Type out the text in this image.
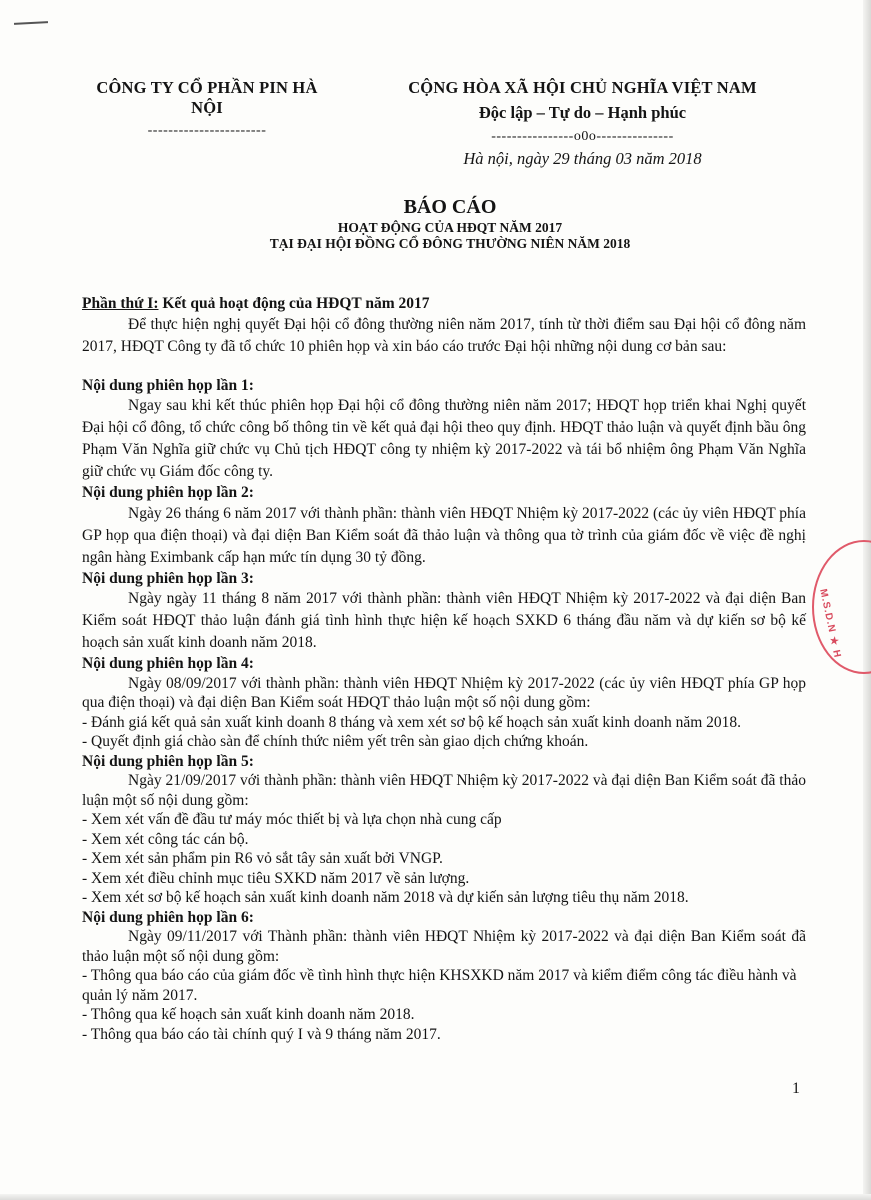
CÔNG TY CỔ PHẦN PIN HÀ NỘI
-----------------------
CỘNG HÒA XÃ HỘI CHỦ NGHĨA VIỆT NAM
Độc lập – Tự do – Hạnh phúc
----------------o0o---------------
Hà nội, ngày 29 tháng 03 năm 2018
BÁO CÁO
HOẠT ĐỘNG CỦA HĐQT NĂM 2017
TẠI ĐẠI HỘI ĐỒNG CỔ ĐÔNG THƯỜNG NIÊN NĂM 2018

Phần thứ I: Kết quả hoạt động của HĐQT năm 2017

Để thực hiện nghị quyết Đại hội cổ đông thường niên năm 2017, tính từ thời điểm sau Đại hội cổ đông năm 2017, HĐQT Công ty đã tổ chức 10 phiên họp và xin báo cáo trước Đại hội những nội dung cơ bản sau:

Nội dung phiên họp lần 1:

Ngay sau khi kết thúc phiên họp Đại hội cổ đông thường niên năm 2017; HĐQT họp triển khai Nghị quyết Đại hội cổ đông, tổ chức công bố thông tin về kết quả đại hội theo quy định. HĐQT thảo luận và quyết định bầu ông Phạm Văn Nghĩa giữ chức vụ Chủ tịch HĐQT công ty nhiệm kỳ 2017-2022 và tái bổ nhiệm ông Phạm Văn Nghĩa giữ chức vụ Giám đốc công ty.

Nội dung phiên họp lần 2:

Ngày 26 tháng 6 năm 2017 với thành phần: thành viên HĐQT Nhiệm kỳ 2017-2022 (các ủy viên HĐQT phía GP họp qua điện thoại) và đại diện Ban Kiểm soát đã thảo luận và thông qua tờ trình của giám đốc về việc đề nghị ngân hàng Eximbank cấp hạn mức tín dụng 30 tỷ đồng.

Nội dung phiên họp lần 3:

Ngày ngày 11 tháng 8 năm 2017 với thành phần: thành viên HĐQT Nhiệm kỳ 2017-2022 và đại diện Ban Kiểm soát HĐQT thảo luận đánh giá tình hình thực hiện kế hoạch SXKD 6 tháng đầu năm và dự kiến sơ bộ kế hoạch sản xuất kinh doanh năm 2018.

Nội dung phiên họp lần 4:

Ngày 08/09/2017 với thành phần: thành viên HĐQT Nhiệm kỳ 2017-2022 (các ủy viên HĐQT phía GP họp qua điện thoại) và đại diện Ban Kiểm soát HĐQT thảo luận một số nội dung gồm:

- Đánh giá kết quả sản xuất kinh doanh 8 tháng và xem xét sơ bộ kế hoạch sản xuất kinh doanh năm 2018.

- Quyết định giá chào sàn để chính thức niêm yết trên sàn giao dịch chứng khoán.

Nội dung phiên họp lần 5:

Ngày 21/09/2017 với thành phần: thành viên HĐQT Nhiệm kỳ 2017-2022 và đại diện Ban Kiểm soát đã thảo luận một số nội dung gồm:

- Xem xét vấn đề đầu tư máy móc thiết bị và lựa chọn nhà cung cấp

- Xem xét công tác cán bộ.

- Xem xét sản phẩm pin R6 vỏ sắt tây sản xuất bởi VNGP.

- Xem xét điều chỉnh mục tiêu SXKD năm 2017 về sản lượng.

- Xem xét sơ bộ kế hoạch sản xuất kinh doanh năm 2018 và dự kiến sản lượng tiêu thụ năm 2018.

Nội dung phiên họp lần 6:

Ngày 09/11/2017 với Thành phần: thành viên HĐQT Nhiệm kỳ 2017-2022 và đại diện Ban Kiểm soát đã thảo luận một số nội dung gồm:

- Thông qua báo cáo của giám đốc về tình hình thực hiện KHSXKD năm 2017 và kiểm điểm công tác điều hành và quản lý năm 2017.

- Thông qua kế hoạch sản xuất kinh doanh năm 2018.

- Thông qua báo cáo tài chính quý I và 9 tháng năm 2017.

M.S.D.N ★ H
1
